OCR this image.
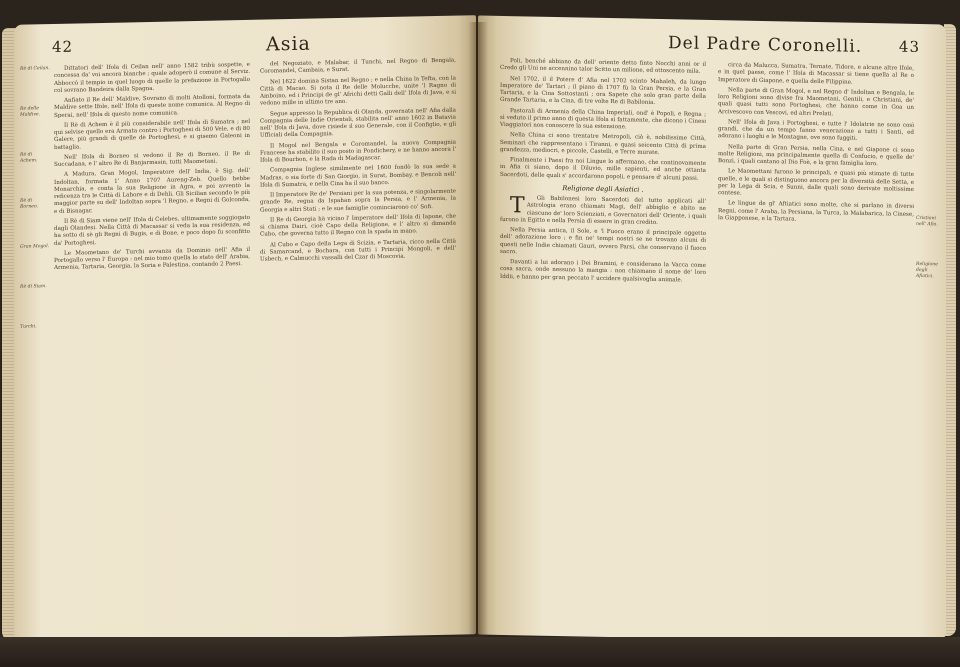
42	Asia
Rè di Ceilan.
Re delle Maldive.
Rè di Achem.
Rè di Borneo.
Gran Mogol.
Rè di Siam.
Turchi.

Dittatori dell' Ifola di Ceilan nell' anno 1582 tribù sospette, e concessa da' voi ancora bianche ; quale adoperò il comune al Serviz. Abboccò il tempio in quel luogo di quelle la prefazione in Portogallo col sovrano Bandeira dalla Spagna.

Anfiato il Re dell' Maldive, Sovrano di molti Atolloni, formata da Maldive sette Ifole, nell' Ifola di queste nome comunica. Al Regno di Sperai, nell' Ifola di questo nome comunica.

Il Rè di Achem è il più considerabile nell' Ifola di Sumatra ; nel qui selvise quello era Armata contro i Portoghesi di 500 Vele, e di 80 Galere, più grandi di quelle dè Portoghesi, e si gisemo Galeoni in battaglia.

Nell' Ifola di Borneo si vedono il Re di Borneo, il Re di Succadana, e l' altro Re di Banjarmasin, tutti Maometani.

A Madura, Gran Mogol, Imperatore dell' India, è Sig. dell' Indoltan, formata 1' Anno 1707 Aureng-Zeb. Quello hebbe Monarchia, e conta la sua Religione in Agra, e poi avventò la reficenza tra le Città di Lahore e di Dehli. Gli Sicilian secondo le più maggior parte su dell' Indoltan sopra 'l Regno, e Regni di Golconda, e di Bisnagar.

Il Rè di Siam viene nell' Ifola di Celebes, ultimamente soggiogato dagli Olandesi. Nella Città di Macassar si veda la sua residenza, ed ha sotto di sè gli Regni di Bugis, e di Bone, e poco dopo fu sconfitto da' Portoghesi.

Le Maometano de' Turchi avvanza da Dominio nell' Afia il Portogallo verso l' Europa : nel mio tomo quella lo stato dell' Arabia, Armenia, Tartaria, Georgia, la Soria e Palestina, contando 2 Paesi.

del Negoziato, e Malabar, il Tunchi, nel Regno di Bengala, Coromandel, Cambaia, e Surat.

Nel 1622 domina Sistan nel Regno ; e nella China la Tefta, con la Città di Macao. Si nota il Re delle Molucche, unite 'l Ragno di Amboino, ed i Principi de gl' Africhi detti Galli dell' Ifola di Java, e si vedono mille in ultimo tre ano.

Segue appresso la Republica di Olanda, governata nell' Afia dalla Compagnia delle Indie Orientali, stabilita nell' anno 1602 in Batavia nell' Ifola di Java, dove risiede il suo Generale, con il Configlio, e gli Ufficiali della Compagnia.

Il Mogol nel Bengala e Coromandel, la nuova Compagnia Francese ha stabilito il suo posto in Pondichery, e ne hanno ancora l' Ifola di Bourbon, e la Rada di Madagascar.

Compagnia Inglese similmente nel 1600 fondò la sua sede a Madras, o sia forte di San Giorgio, in Surat, Bombay, e Bencoli nell' Ifola di Sumatra, e nella Cina ha il suo banco.

Il Imperatore Re de' Persiani per la sua potenza, e singolarmente grande Re, regna da Ispahan sopra la Persia, e l' Armenia, la Georgia e altri Stati ; e le sue famiglie cominciarono co' Sofi.

Il Re di Georgia hà vicino l' Imperatore dell' Ifola di Iapone, che si chiama Dairi, cioè Capo della Religione, e l' altro si dimanda Cubo, che governa tutto il Regno con la spada in mano.

Al Cubo e Capo della Lega di Scizia, e Tartaria, ricco nella Città di Samarcand, e Bochara, con tutti i Principi Mongoli, e dell' Usbech, e Calmucchi vassalli del Czar di Moscovia.

Del Padre Coronelli. 43

Poli, benché abbiano da dell' oriente detto finto Nocchi anni or il Credo gli Uni ne accennino talor Scitto un milione, ed ottoscento mila.

Nel 1702, il il Potere d' Afia nel 1702 scinto Mahaleh, da lungo Imperatore de' Tartari ; il piano di 1707 fù la Gran Persia, e la Gran Tartaria, e la Cina Sottostanti ; ora Sapete che solo gran parte della Grande Tartaria, e la Cina, di tre volte Re di Babilonia.

Pastorali di Armenia della China Imperiali, ond' è Popoli, e Regna ; sì veduto il primo anno di questa Ifola sì fattamente, che dicono i Cinesi Viaggiatori non conoscere la sua estensione.

Nella China ci sono trentatre Metropoli, ciò è, nobilissime Città, Seminari che rappresentano i Tiranni, e quasi seicento Città di prima grandezza, mediocri, e piccole, Castelli, e Terre murate.

Finalmente i Paesi fra noi Lingue lo affermano, che continovamente in Afia ci siano, dopo il Diluvio, mille sapienti, ed anche ottanta Sacerdoti, delle quali s' accordarono popoli, e pensare d' alcuni passi.

Religione degli Asiatici .

T	Gli Babilonesi loro Sacerdoti del tutto applicati all' Astrologia erano chiamati Magi, dell' abbiglio e abito ne ciascuno de' loro Scienziati, e Governatori dell' Oriente, i quali furono in Egitto e nella Persia di essere in gran credito.

Nella Persia antica, il Sole, e 'l Fuoco erano il principale oggetto dell' adorazione loro ; e fin ne' tempi nostri se ne trovano alcuni di questi nelle Indie chiamati Gauri, ovvero Parsi, che conservano il fuoco sacro.

Davanti a lui adorano i Dei Bramini, e considerano la Vacca come cosa sacra, onde nessuno la mangia : non chiamano il nome de' loro Iddii, e hanno per gran peccato l' uccidere qualsivoglia animale.

circa da Malucca, Sumatra, Ternate, Tidore, e alcune altre Ifole, e in quel paese, come l' Ifola di Macassar si tiene quella al Re o Imperatore di Giapone, e quella delle Filippine.

Nella parte di Gran Mogol, e nel Regno d' Indoltan e Bengala, le loro Religioni sono divise fra Maometani, Gentili, e Christiani, de' quali quasi tutti sono Portoghesi, che hanno come in Goa un Arcivescovo con Vescovi, ed altri Prelati.

Nell' Ifola di Java i Portoghesi, e tutte l' Idolatrie ne sono così grandi, che da un tempo fanno venerazione a tutti i Santi, ed adorano i luoghi e le Montagne, ove sono fuggiti.

Nella parte di Gran Persia, nella Cina, e nel Giapone ci sono molte Religioni, ma principalmente quella di Confucio, e quelle de' Bonzi, i quali cantano al Dio Foè, e la gran famiglia loro.

Le Maomettani furono le principali, e quasi più stimate di tutte quelle, e le quali si distinguono ancora per la diversità delle Setta, e per la Lega di Scia, e Sunni, dalle quali sono derivate moltissime contese.

Le lingue de gl' Aftiatici sono molte, che si parlano in diversi Regni, come l' Araba, la Persiana, la Turca, la Malabarica, la Cinese, la Giapponese, e la Tartara.	Cristiani nell' Afia.
Religione degli Afiatici.
